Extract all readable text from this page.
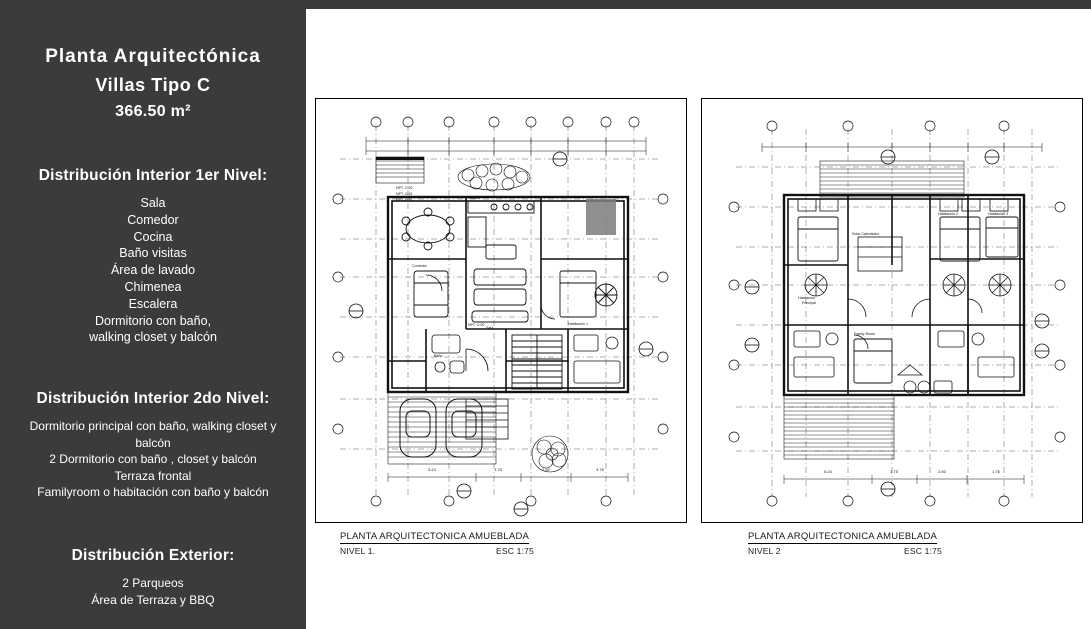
Planta Arquitectónica
Villas Tipo C
366.50 m²
Distribución Interior 1er Nivel:
Sala
Comedor
Cocina
Baño visitas
Área de lavado
Chimenea
Escalera
Dormitorio con baño,
walking closet y balcón
Distribución Interior 2do Nivel:
Dormitorio principal con baño, walking closet y
balcón
2 Dormitorio con baño , closet y balcón
Terraza frontal
Familyroom o habitación con baño y balcón
Distribución Exterior:
2 Parqueos
Área de Terraza y BBQ
NPT -0.00
NPT -0.15
NPT -0.35
NPT -0.00	Habitación 1
Comedor
Sala
Cocina
Baño
5.24	1.75	2.50	3.76
PLANTA ARQUITECTONICA AMUEBLADA
NIVEL 1.	ESC 1:75
Solar Calentador
Habitación 2	Habitación 3
Habitación
Principal
Family Room
5.24	1.75	2.50	1.76
PLANTA ARQUITECTONICA AMUEBLADA
NIVEL 2	ESC 1:75
